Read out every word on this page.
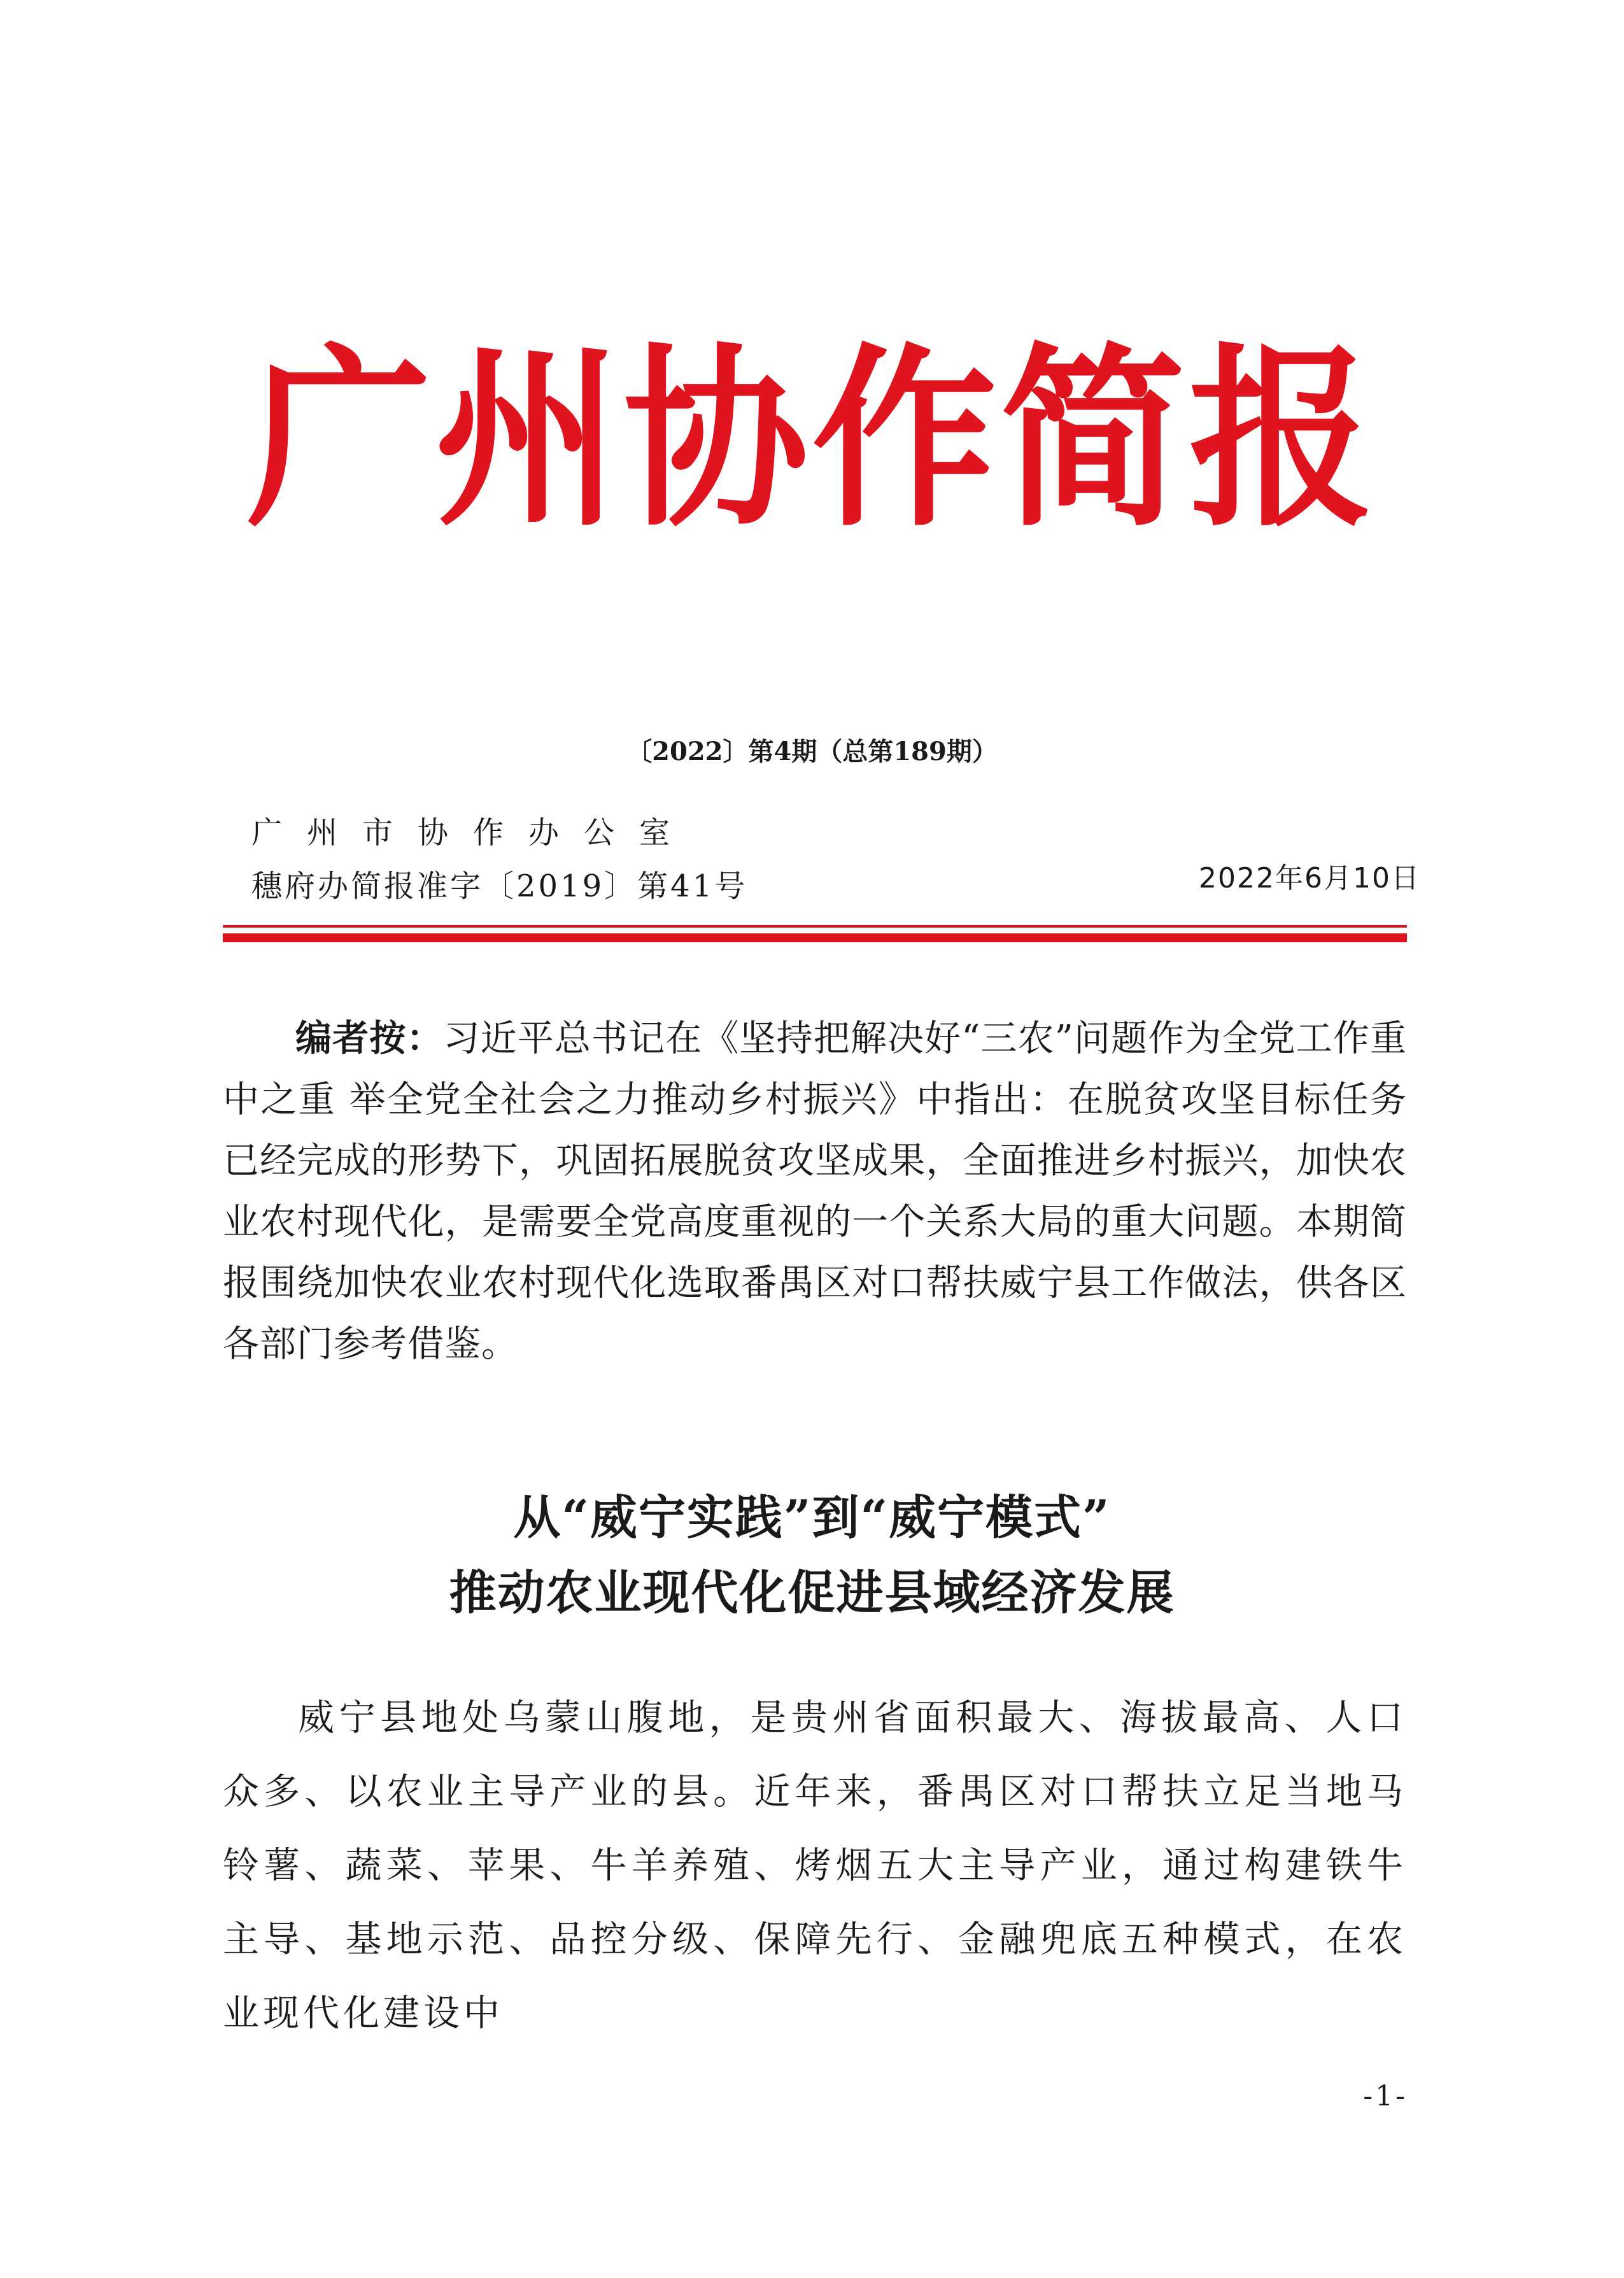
广州协作简报
〔2022〕第4期（总第189期）
广州市协作办公室
穗府办简报准字〔2019〕第41号	2022年6月10日
编者按：习近平总书记在《坚持把解决好“三农”问题作为全党工作重中之重 举全党全社会之力推动乡村振兴》中指出：在脱贫攻坚目标任务已经完成的形势下，巩固拓展脱贫攻坚成果，全面推进乡村振兴，加快农业农村现代化，是需要全党高度重视的一个关系大局的重大问题。本期简报围绕加快农业农村现代化选取番禺区对口帮扶威宁县工作做法，供各区各部门参考借鉴。
从“威宁实践”到“威宁模式”
推动农业现代化促进县域经济发展
威宁县地处乌蒙山腹地，是贵州省面积最大、海拔最高、人口众多、以农业主导产业的县。近年来，番禺区对口帮扶立足当地马铃薯、蔬菜、苹果、牛羊养殖、烤烟五大主导产业，通过构建铁牛主导、基地示范、品控分级、保障先行、金融兜底五种模式，在农业现代化建设中
-1-
